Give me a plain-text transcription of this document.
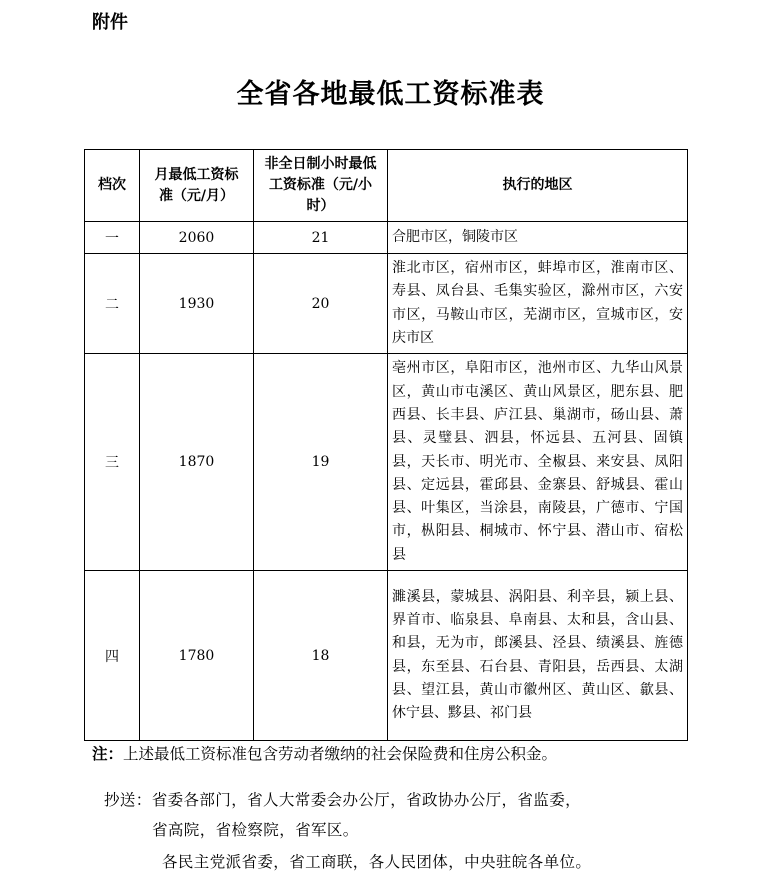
附件
全省各地最低工资标准表
档次	月最低工资标准（元/月）	非全日制小时最低工资标准（元/小时）	执行的地区
一	2060	21	合肥市区，铜陵市区
二	1930	20	淮北市区，宿州市区，蚌埠市区，淮南市区、寿县、凤台县、毛集实验区，滁州市区，六安市区，马鞍山市区，芜湖市区，宣城市区，安庆市区
三	1870	19	亳州市区，阜阳市区，池州市区、九华山风景区，黄山市屯溪区、黄山风景区，肥东县、肥西县、长丰县、庐江县、巢湖市，砀山县、萧县、灵璧县、泗县，怀远县、五河县、固镇县，天长市、明光市、全椒县、来安县、凤阳县、定远县，霍邱县、金寨县、舒城县、霍山县、叶集区，当涂县，南陵县，广德市、宁国市，枞阳县、桐城市、怀宁县、潜山市、宿松县
四	1780	18	濉溪县，蒙城县、涡阳县、利辛县，颍上县、界首市、临泉县、阜南县、太和县，含山县、和县，无为市，郎溪县、泾县、绩溪县、旌德县，东至县、石台县、青阳县，岳西县、太湖县、望江县，黄山市徽州区、黄山区、歙县、休宁县、黟县、祁门县
注：上述最低工资标准包含劳动者缴纳的社会保险费和住房公积金。
抄送：省委各部门，省人大常委会办公厅，省政协办公厅，省监委，
省高院，省检察院，省军区。
各民主党派省委，省工商联，各人民团体，中央驻皖各单位。
